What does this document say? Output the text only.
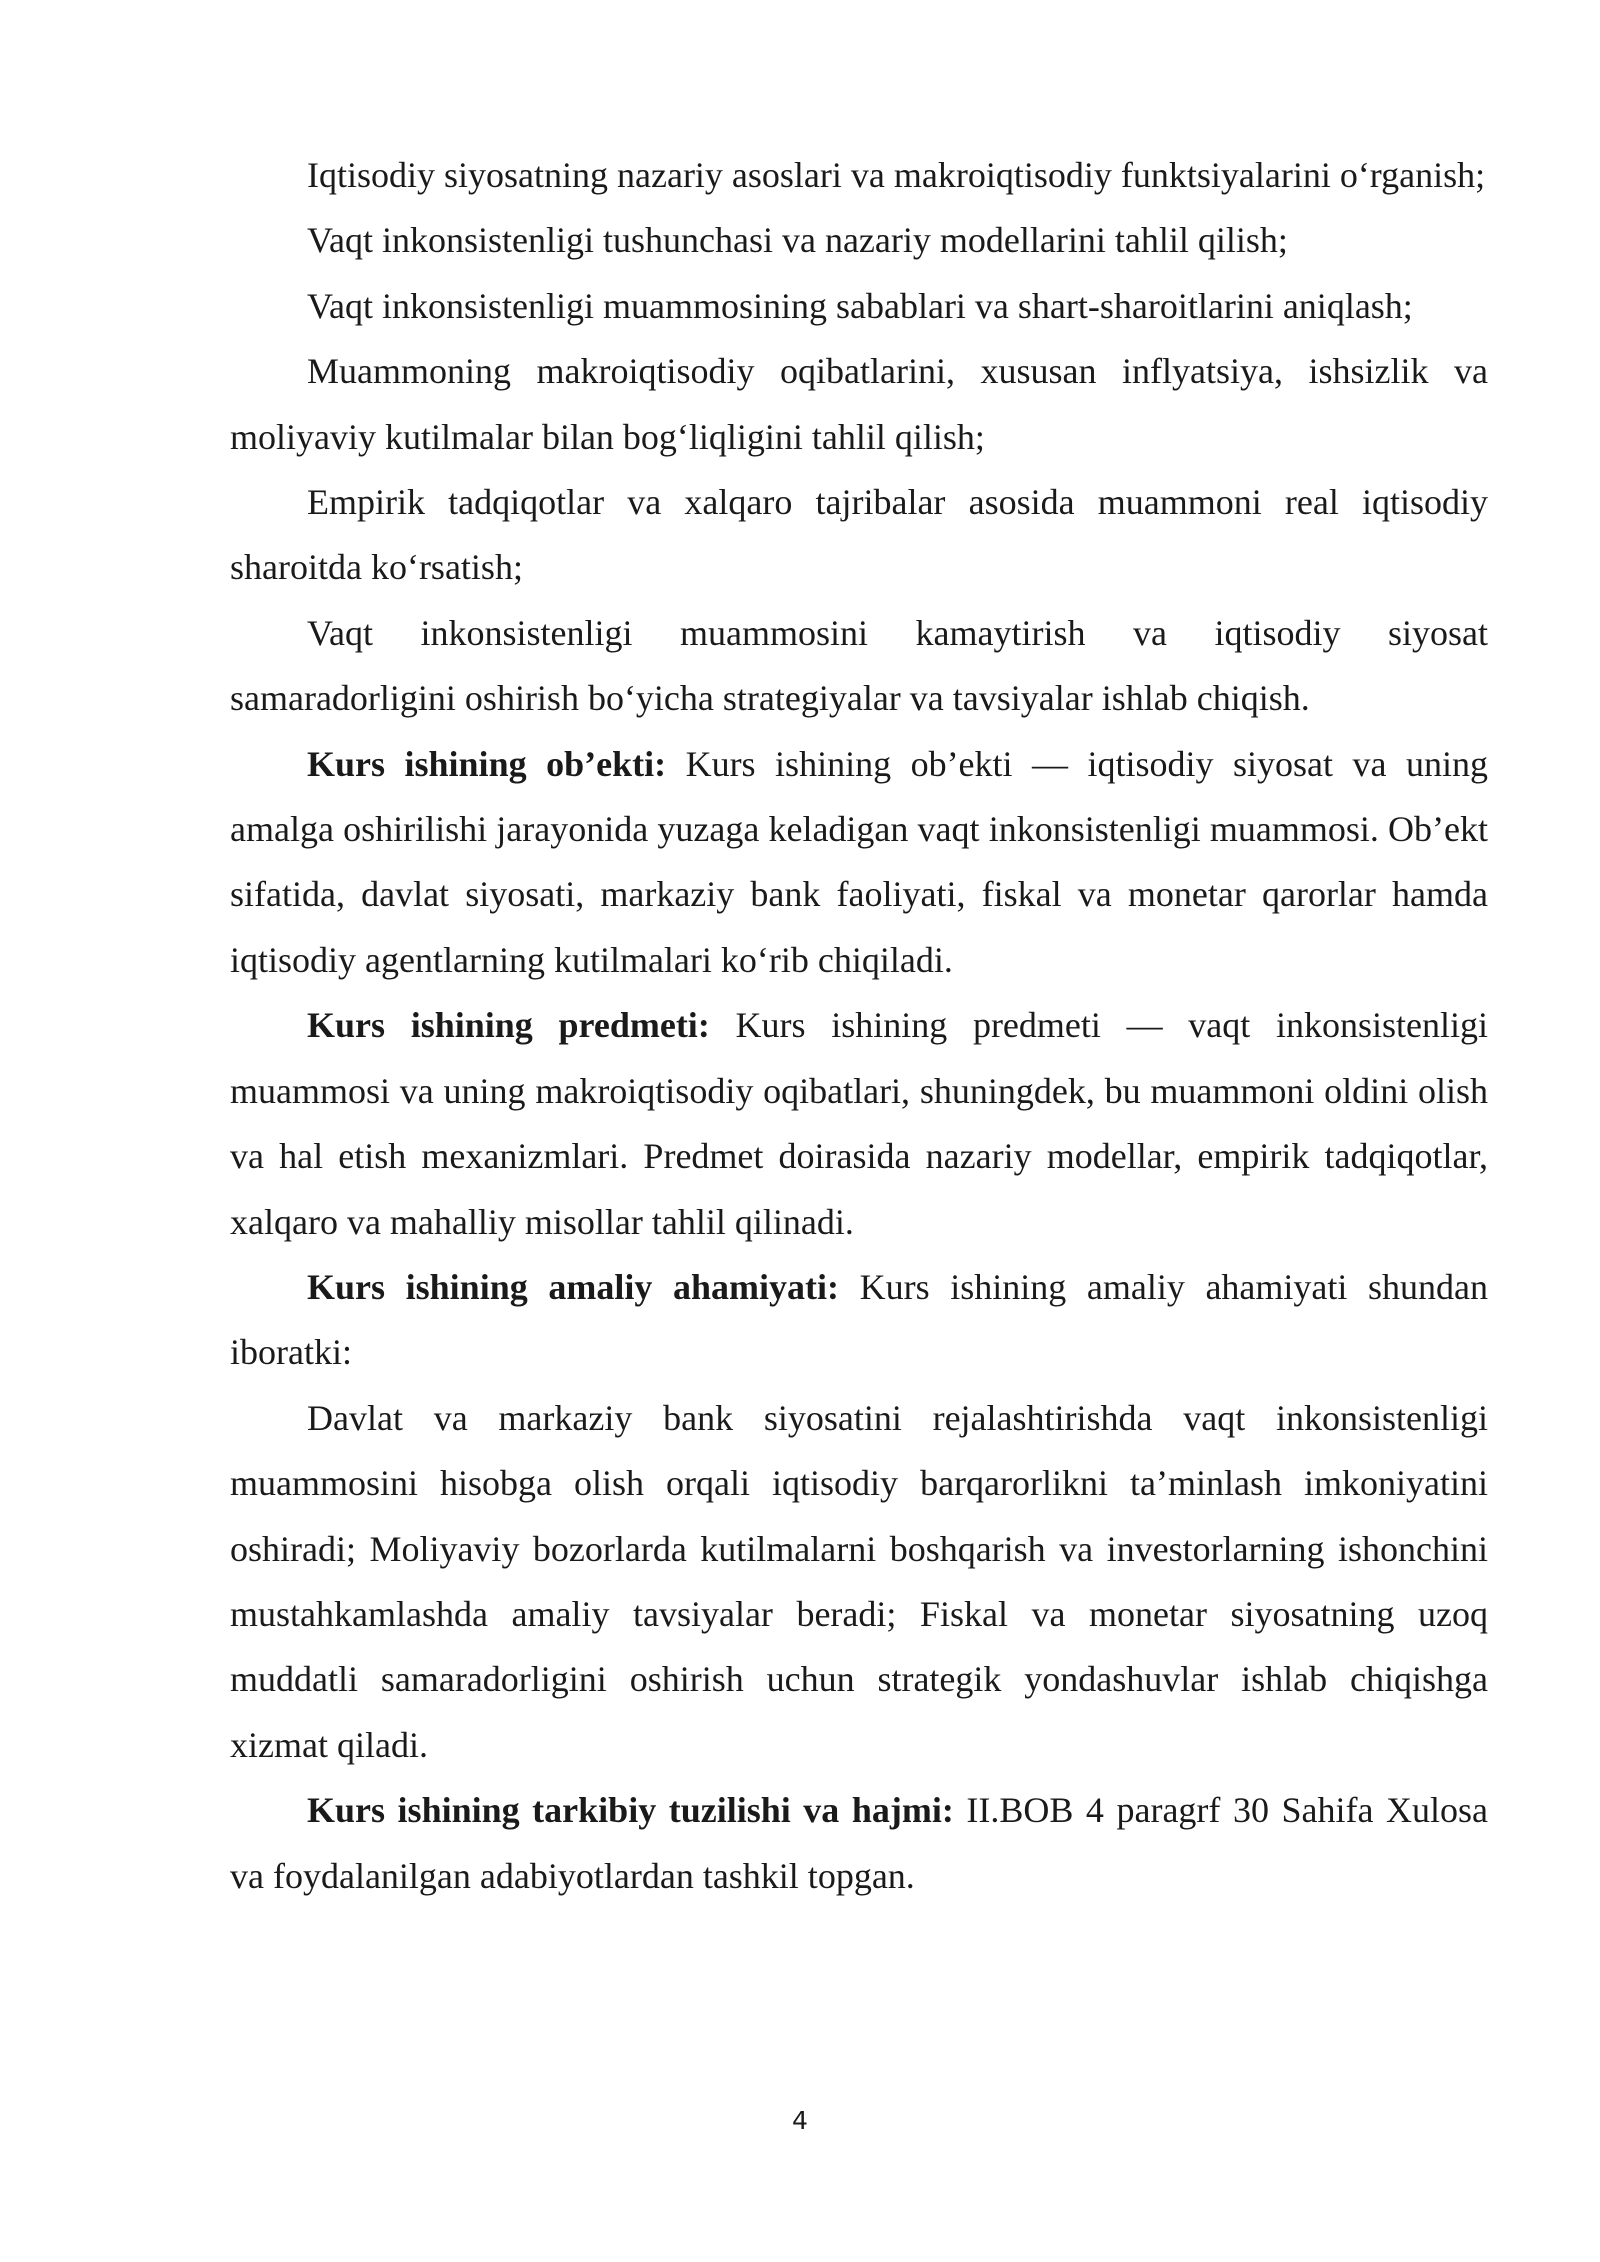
Iqtisodiy siyosatning nazariy asoslari va makroiqtisodiy funktsiyalarini o‘rganish;

Vaqt inkonsistenligi tushunchasi va nazariy modellarini tahlil qilish;

Vaqt inkonsistenligi muammosining sabablari va shart-sharoitlarini aniqlash;

Muammoning makroiqtisodiy oqibatlarini, xususan inflyatsiya, ishsizlik va moliyaviy kutilmalar bilan bog‘liqligini tahlil qilish;

Empirik tadqiqotlar va xalqaro tajribalar asosida muammoni real iqtisodiy sharoitda ko‘rsatish;

Vaqt inkonsistenligi muammosini kamaytirish va iqtisodiy siyosat samaradorligini oshirish bo‘yicha strategiyalar va tavsiyalar ishlab chiqish.

Kurs ishining ob’ekti: Kurs ishining ob’ekti — iqtisodiy siyosat va uning amalga oshirilishi jarayonida yuzaga keladigan vaqt inkonsistenligi muammosi. Ob’ekt sifatida, davlat siyosati, markaziy bank faoliyati, fiskal va monetar qarorlar hamda iqtisodiy agentlarning kutilmalari ko‘rib chiqiladi.

Kurs ishining predmeti: Kurs ishining predmeti — vaqt inkonsistenligi muammosi va uning makroiqtisodiy oqibatlari, shuningdek, bu muammoni oldini olish va hal etish mexanizmlari. Predmet doirasida nazariy modellar, empirik tadqiqotlar, xalqaro va mahalliy misollar tahlil qilinadi.

Kurs ishining amaliy ahamiyati: Kurs ishining amaliy ahamiyati shundan iboratki:

Davlat va markaziy bank siyosatini rejalashtirishda vaqt inkonsistenligi muammosini hisobga olish orqali iqtisodiy barqarorlikni ta’minlash imkoniyatini oshiradi; Moliyaviy bozorlarda kutilmalarni boshqarish va investorlarning ishonchini mustahkamlashda amaliy tavsiyalar beradi; Fiskal va monetar siyosatning uzoq muddatli samaradorligini oshirish uchun strategik yondashuvlar ishlab chiqishga xizmat qiladi.

Kurs ishining tarkibiy tuzilishi va hajmi: II.BOB 4 paragrf 30 Sahifa Xulosa va foydalanilgan adabiyotlardan tashkil topgan.

4
